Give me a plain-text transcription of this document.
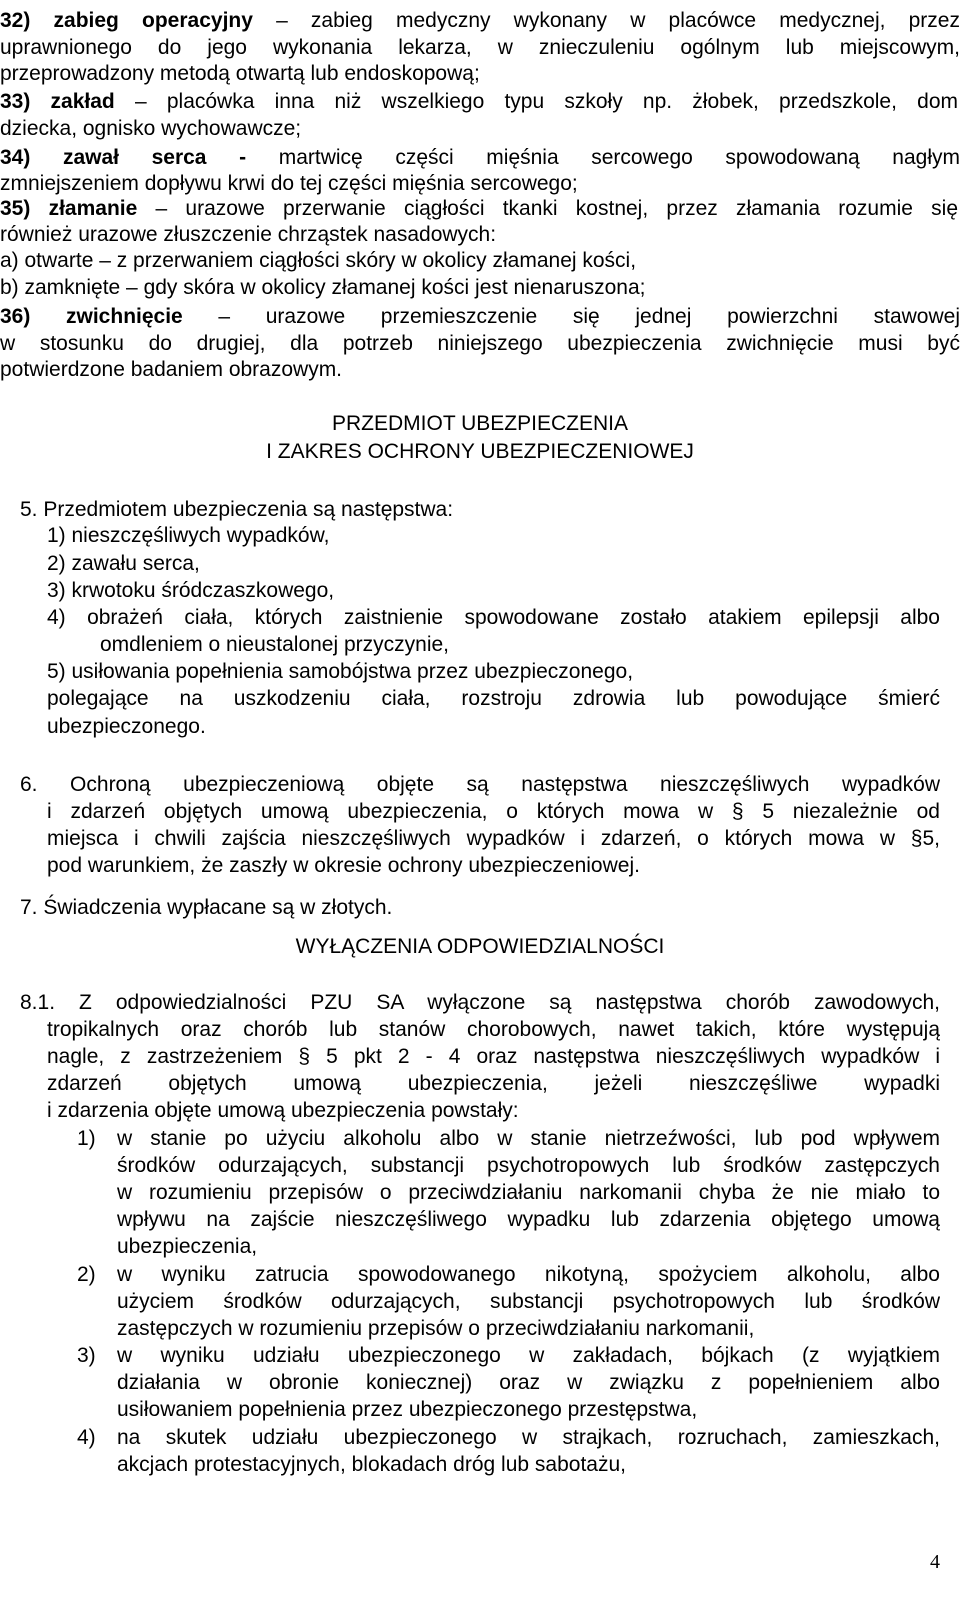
32) zabieg operacyjny – zabieg medyczny wykonany w placówce medycznej, przez
uprawnionego do jego wykonania lekarza, w znieczuleniu ogólnym lub miejscowym,
przeprowadzony metodą otwartą lub endoskopową;
33) zakład – placówka inna niż wszelkiego typu szkoły np. żłobek, przedszkole, dom
dziecka, ognisko wychowawcze;
34) zawał serca - martwicę części mięśnia sercowego spowodowaną nagłym
zmniejszeniem dopływu krwi do tej części mięśnia sercowego;
35) złamanie – urazowe przerwanie ciągłości tkanki kostnej, przez złamania rozumie się
również urazowe złuszczenie chrząstek nasadowych:
a) otwarte – z przerwaniem ciągłości skóry w okolicy złamanej kości,
b) zamknięte – gdy skóra w okolicy złamanej kości jest nienaruszona;
36) zwichnięcie – urazowe przemieszczenie się jednej powierzchni stawowej
w stosunku do drugiej, dla potrzeb niniejszego ubezpieczenia zwichnięcie musi być
potwierdzone badaniem obrazowym.
PRZEDMIOT UBEZPIECZENIA
I ZAKRES OCHRONY UBEZPIECZENIOWEJ
5. Przedmiotem ubezpieczenia są następstwa:
1) nieszczęśliwych wypadków,
2) zawału serca,
3) krwotoku śródczaszkowego,
4) obrażeń ciała, których zaistnienie spowodowane zostało atakiem epilepsji albo
omdleniem o nieustalonej przyczynie,
5) usiłowania popełnienia samobójstwa przez ubezpieczonego,
polegające na uszkodzeniu ciała, rozstroju zdrowia lub powodujące śmierć
ubezpieczonego.
6. Ochroną ubezpieczeniową objęte są następstwa nieszczęśliwych wypadków
i zdarzeń objętych umową ubezpieczenia, o których mowa w § 5 niezależnie od
miejsca i chwili zajścia nieszczęśliwych wypadków i zdarzeń, o których mowa w §5,
pod warunkiem, że zaszły w okresie ochrony ubezpieczeniowej.
7. Świadczenia wypłacane są w złotych.
WYŁĄCZENIA ODPOWIEDZIALNOŚCI
8.1. Z odpowiedzialności PZU SA wyłączone są następstwa chorób zawodowych,
tropikalnych oraz chorób lub stanów chorobowych, nawet takich, które występują
nagle, z zastrzeżeniem § 5 pkt 2 - 4 oraz następstwa nieszczęśliwych wypadków i
zdarzeń objętych umową ubezpieczenia, jeżeli nieszczęśliwe wypadki
i zdarzenia objęte umową ubezpieczenia powstały:
1) w stanie po użyciu alkoholu albo w stanie nietrzeźwości, lub pod wpływem
środków odurzających, substancji psychotropowych lub środków zastępczych
w rozumieniu przepisów o przeciwdziałaniu narkomanii chyba że nie miało to
wpływu na zajście nieszczęśliwego wypadku lub zdarzenia objętego umową
ubezpieczenia,
2) w wyniku zatrucia spowodowanego nikotyną, spożyciem alkoholu, albo
użyciem środków odurzających, substancji psychotropowych lub środków
zastępczych w rozumieniu przepisów o przeciwdziałaniu narkomanii,
3) w wyniku udziału ubezpieczonego w zakładach, bójkach (z wyjątkiem
działania w obronie koniecznej) oraz w związku z popełnieniem albo
usiłowaniem popełnienia przez ubezpieczonego przestępstwa,
4) na skutek udziału ubezpieczonego w strajkach, rozruchach, zamieszkach,
akcjach protestacyjnych, blokadach dróg lub sabotażu,
4
